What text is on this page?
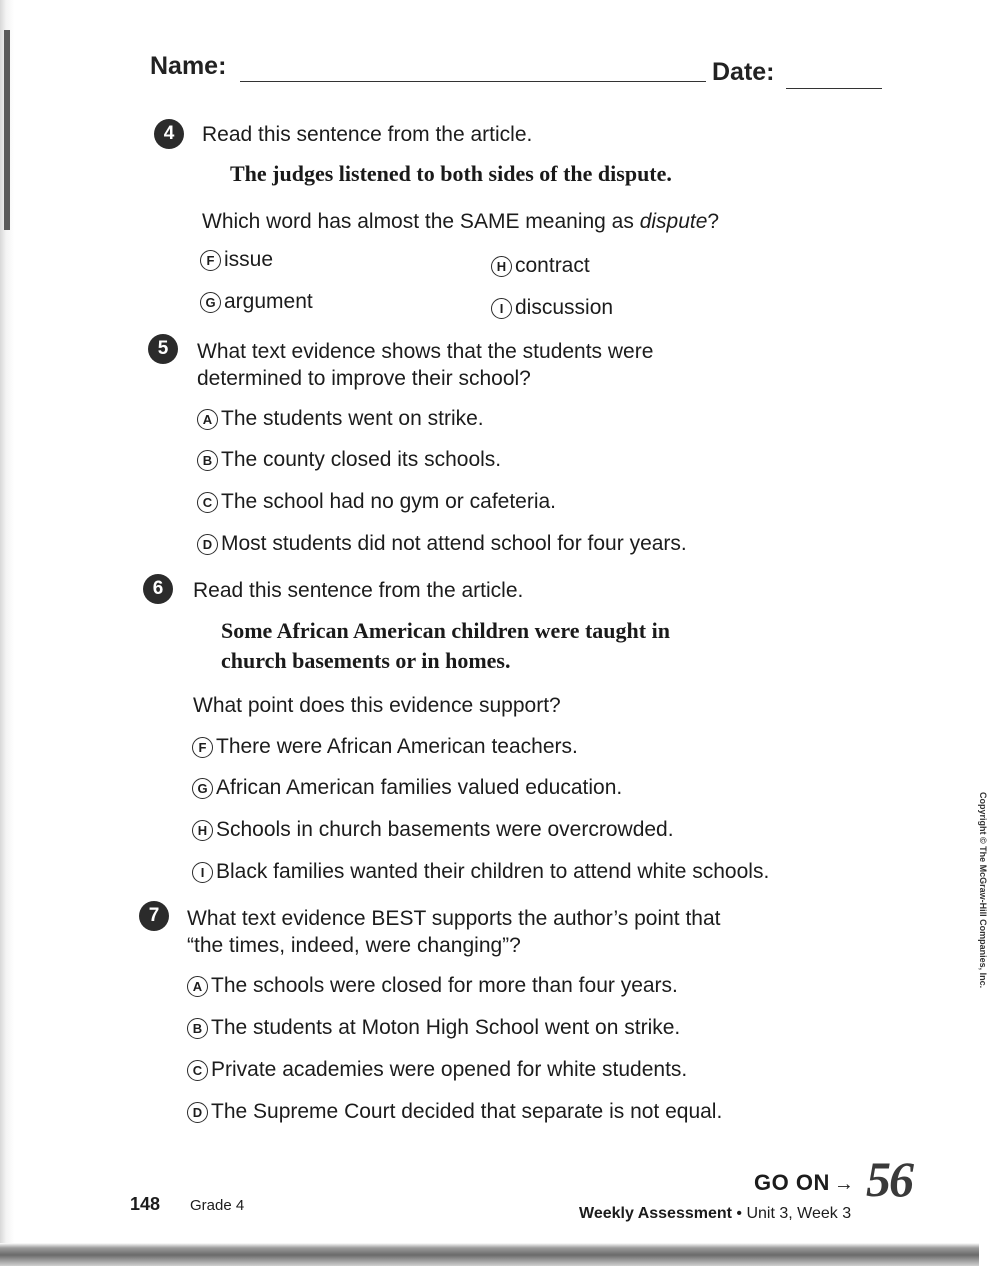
Name:	Date:
4	Read this sentence from the article.
The judges listened to both sides of the dispute.
Which word has almost the SAME meaning as dispute?
F issue	H contract
G argument	I discussion
5	What text evidence shows that the students were determined to improve their school?
A The students went on strike.
B The county closed its schools.
C The school had no gym or cafeteria.
D Most students did not attend school for four years.
6	Read this sentence from the article.
Some African American children were taught in church basements or in homes.
What point does this evidence support?
F There were African American teachers.
G African American families valued education.
H Schools in church basements were overcrowded.
I Black families wanted their children to attend white schools.
7	What text evidence BEST supports the author’s point that “the times, indeed, were changing”?
A The schools were closed for more than four years.
B The students at Moton High School went on strike.
C Private academies were opened for white students.
D The Supreme Court decided that separate is not equal.
Copyright © The McGraw-Hill Companies, Inc.
148 Grade 4
GO ON → 56
Weekly Assessment • Unit 3, Week 3
